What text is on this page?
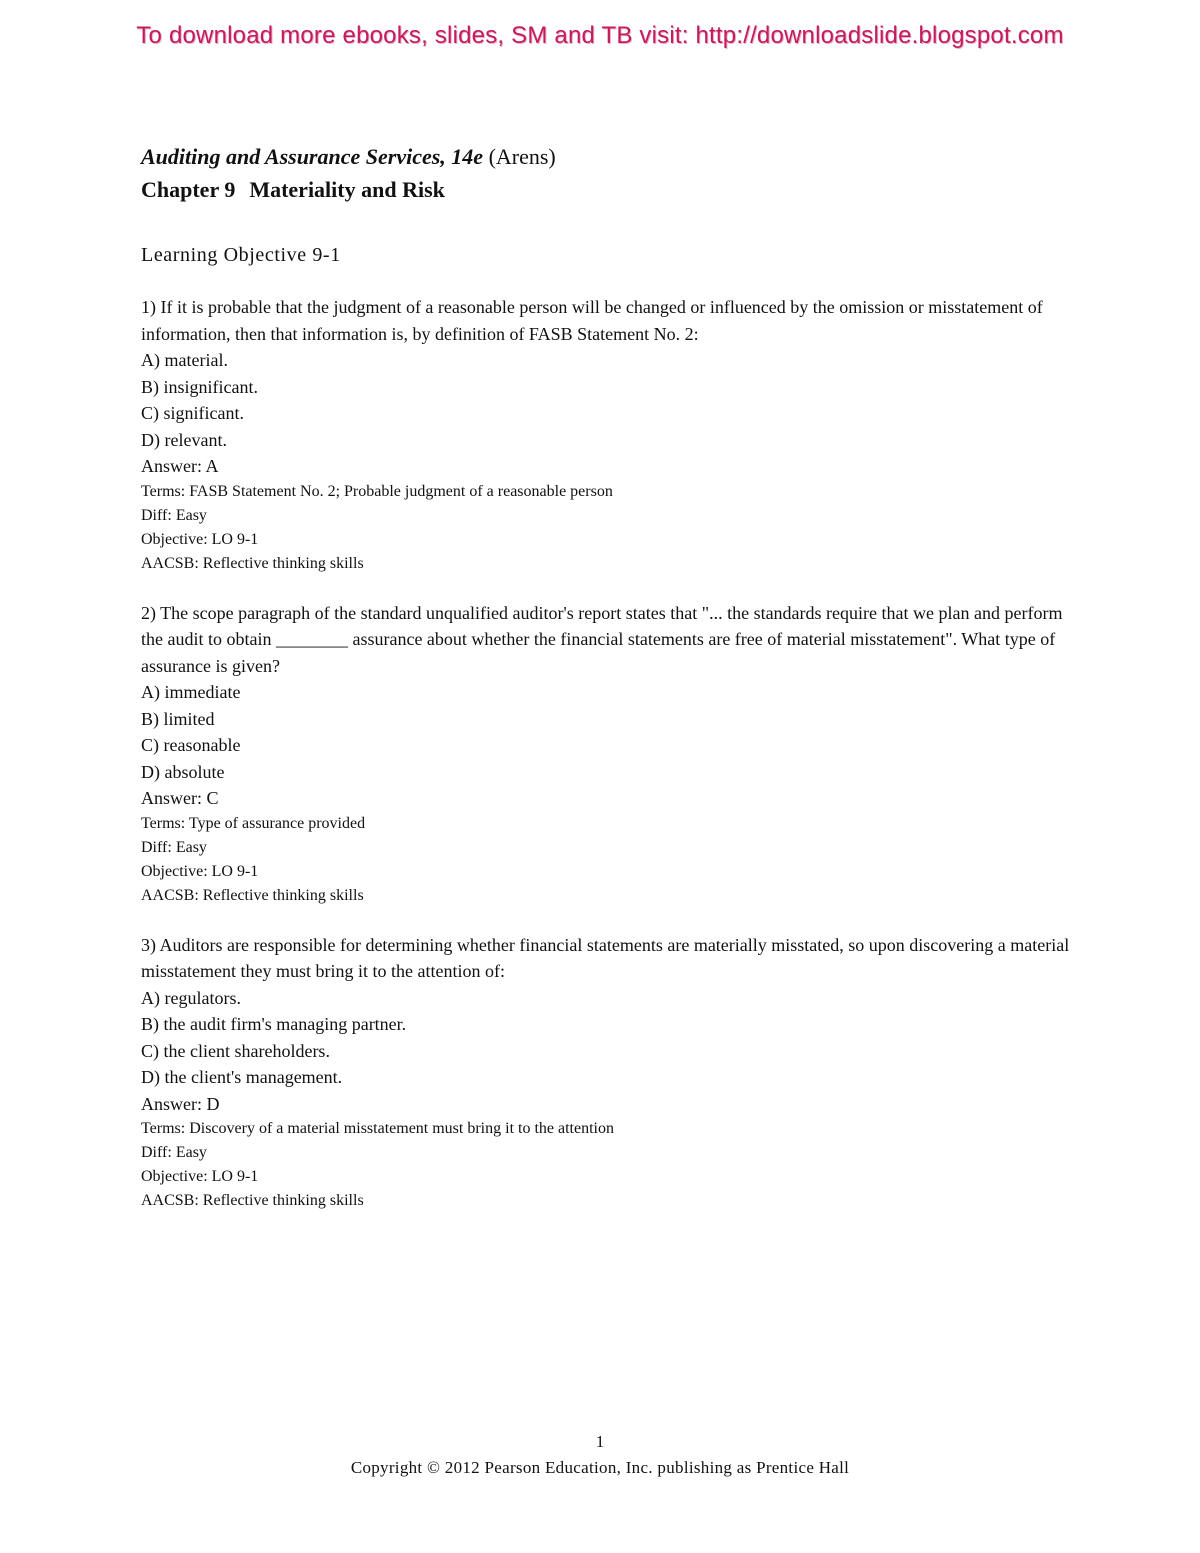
To download more ebooks, slides, SM and TB visit: http://downloadslide.blogspot.com
Auditing and Assurance Services, 14e (Arens)
Chapter 9 Materiality and Risk
Learning Objective 9-1
1) If it is probable that the judgment of a reasonable person will be changed or influenced by the omission or misstatement of information, then that information is, by definition of FASB Statement No. 2:
A) material.
B) insignificant.
C) significant.
D) relevant.
Answer: A
Terms: FASB Statement No. 2; Probable judgment of a reasonable person
Diff: Easy
Objective: LO 9-1
AACSB: Reflective thinking skills
2) The scope paragraph of the standard unqualified auditor's report states that "... the standards require that we plan and perform the audit to obtain ________ assurance about whether the financial statements are free of material misstatement". What type of assurance is given?
A) immediate
B) limited
C) reasonable
D) absolute
Answer: C
Terms: Type of assurance provided
Diff: Easy
Objective: LO 9-1
AACSB: Reflective thinking skills
3) Auditors are responsible for determining whether financial statements are materially misstated, so upon discovering a material misstatement they must bring it to the attention of:
A) regulators.
B) the audit firm's managing partner.
C) the client shareholders.
D) the client's management.
Answer: D
Terms: Discovery of a material misstatement must bring it to the attention
Diff: Easy
Objective: LO 9-1
AACSB: Reflective thinking skills
1
Copyright © 2012 Pearson Education, Inc. publishing as Prentice Hall
